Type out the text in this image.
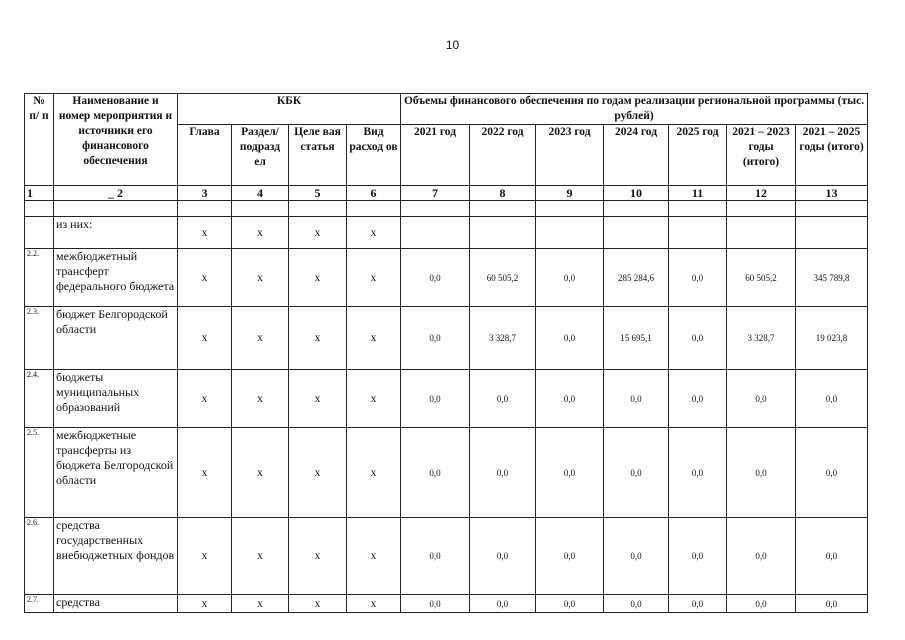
10
№ п/ п	Наименование и номер мероприятия и источники его финансового обеспечения	КБК				Объемы финансового обеспечения по годам реализации региональной программы (тыс. рублей)						
		Глава	Раздел/ подразд ел	Целе вая статья	Вид расход ов	2021 год	2022 год	2023 год	2024 год	2025 год	2021 – 2023 годы (итого)	2021 – 2025 годы (итого)
1	_ 2	3	4	5	6	7	8	9	10	11	12	13

	из них:	х	х	х	х							
2.2.	межбюджетный трансферт федерального бюджета	х	х	х	х	0,0	60 505,2	0,0	285 284,6	0,0	60 505,2	345 789,8
2.3.	бюджет Белгородской области	х	х	х	х	0,0	3 328,7	0,0	15 695,1	0,0	3 328,7	19 023,8
2.4.	бюджеты муниципальных образований	х	х	х	х	0,0	0,0	0,0	0,0	0,0	0,0	0,0
2.5.	межбюджетные трансферты из бюджета Белгородской области	х	х	х	х	0,0	0,0	0,0	0,0	0,0	0,0	0,0
2.6.	средства государственных внебюджетных фондов	х	х	х	х	0,0	0,0	0,0	0,0	0,0	0,0	0,0
2.7.	средства	х	х	х	х	0,0	0,0	0,0	0,0	0,0	0,0	0,0
